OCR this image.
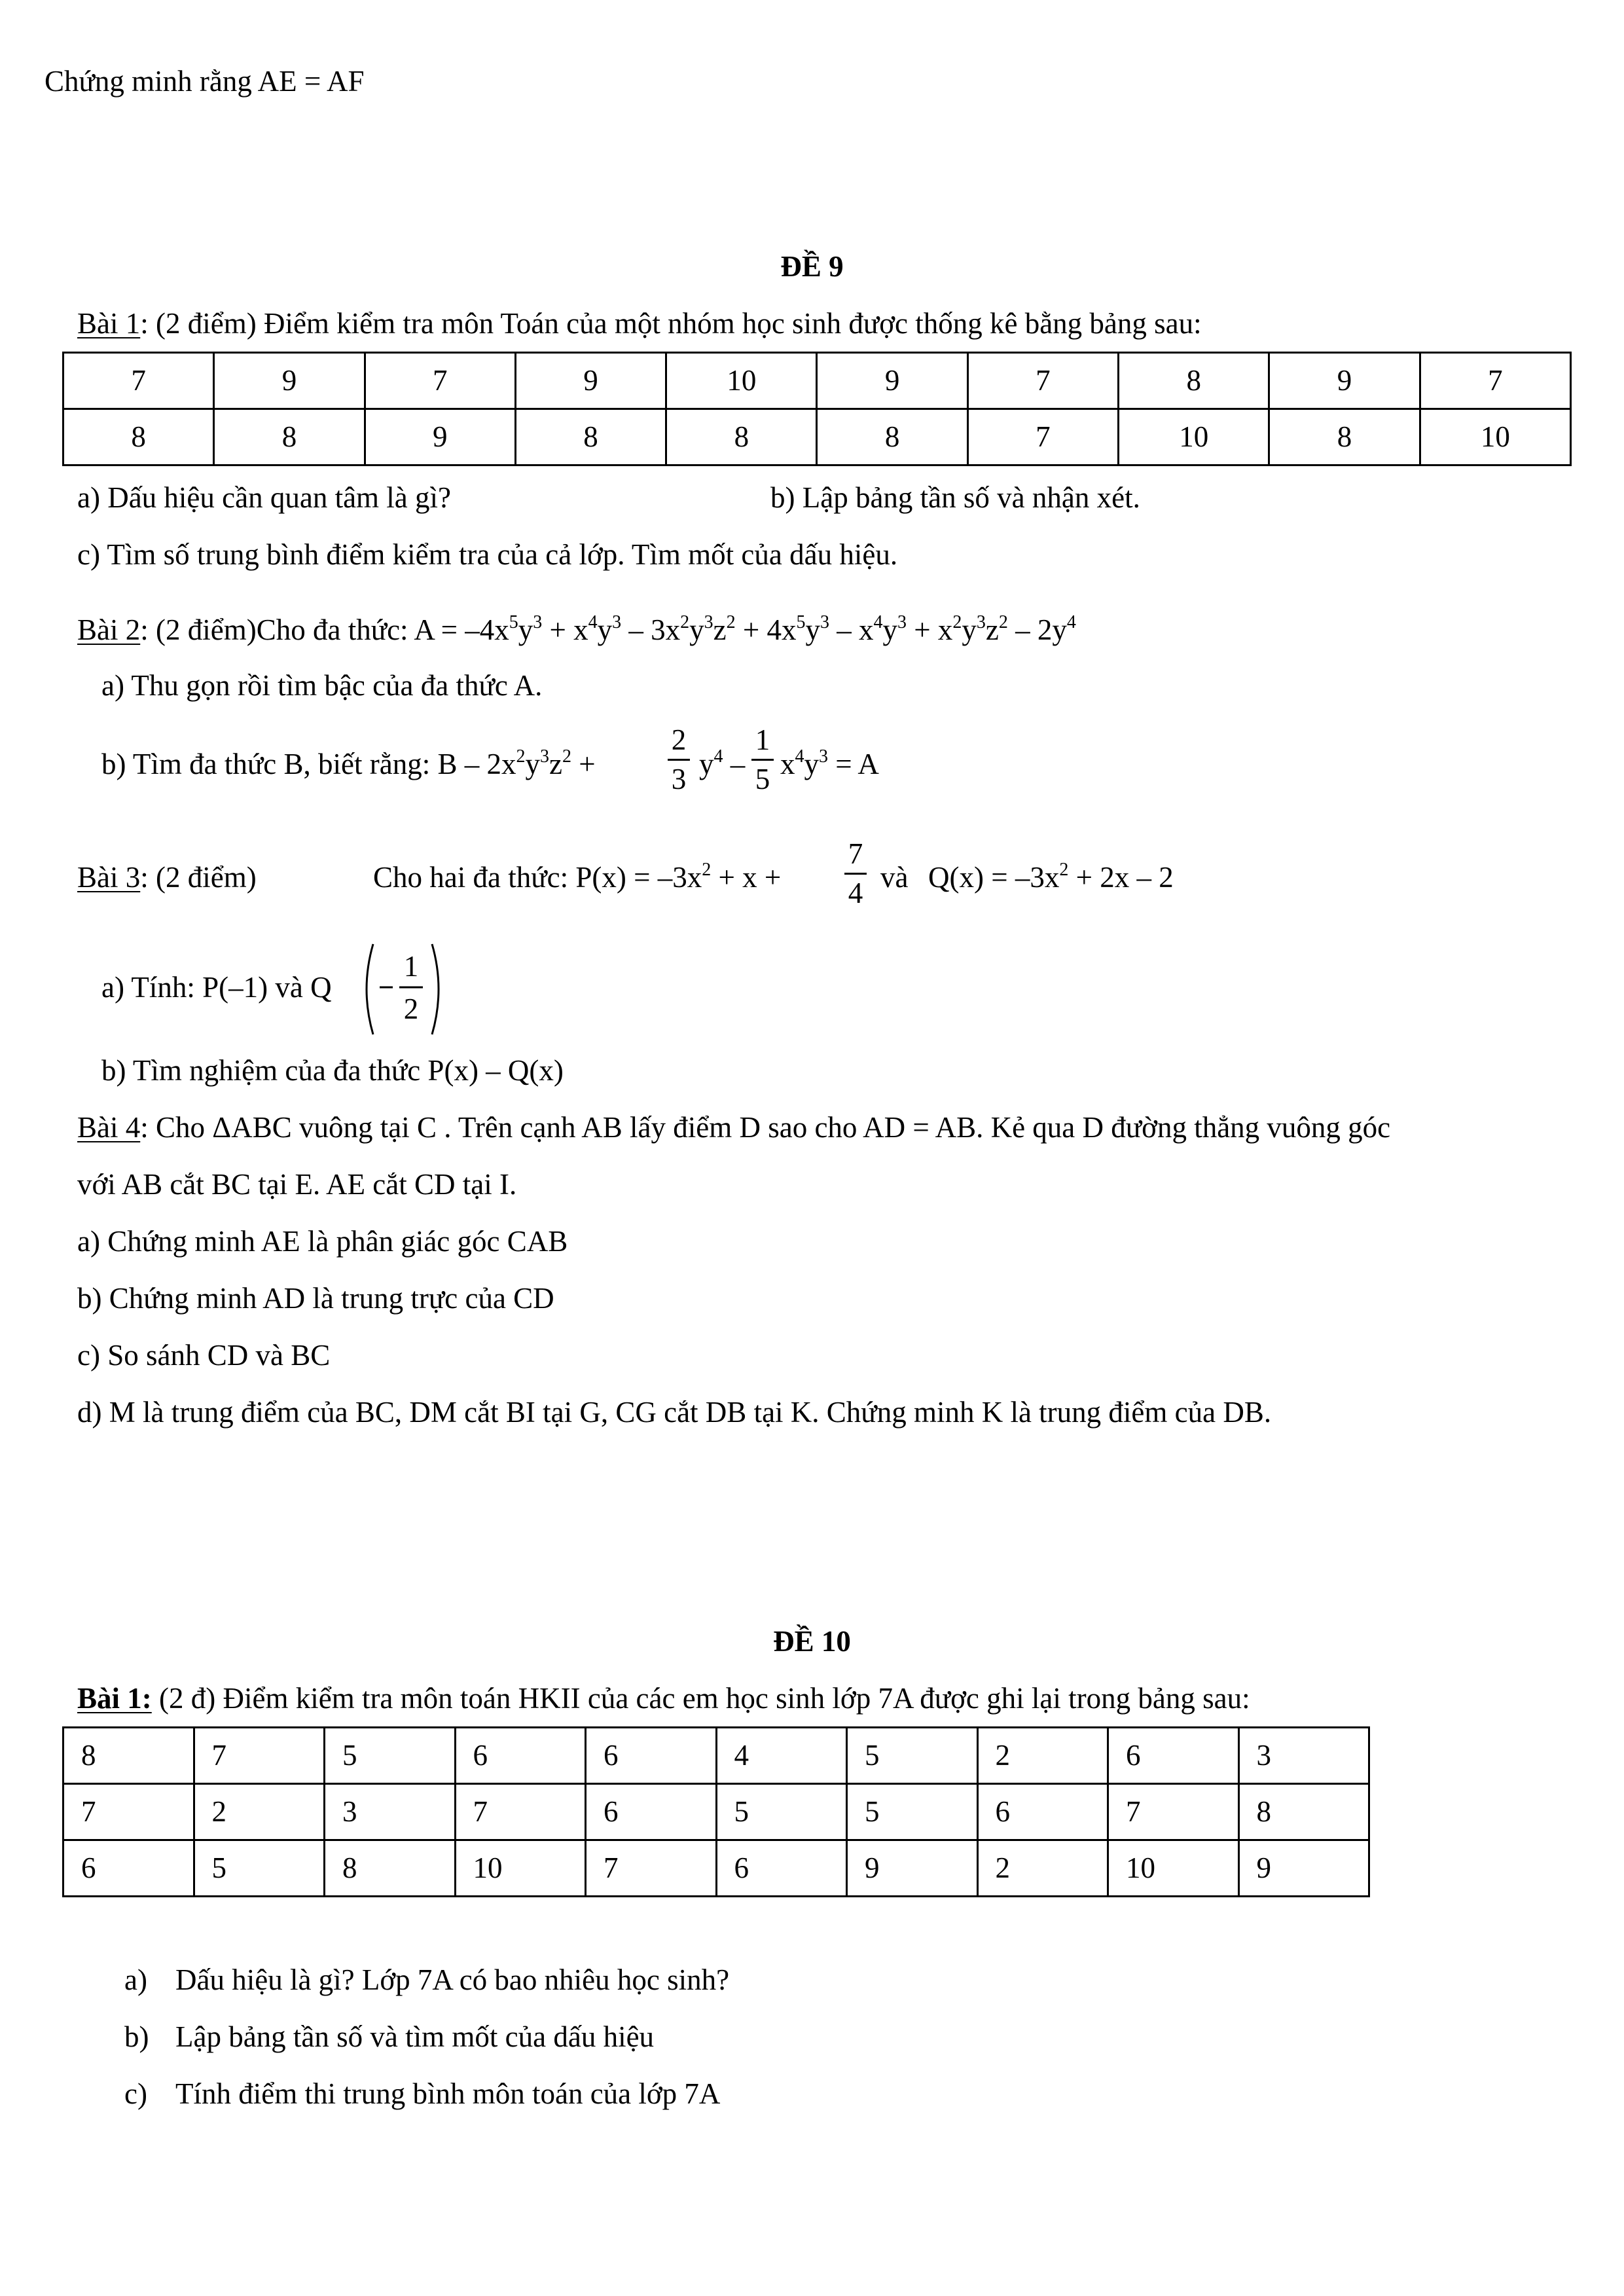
Chứng minh rằng AE = AF
ĐỀ 9
Bài 1: (2 điểm) Điểm kiểm tra môn Toán của một nhóm học sinh được thống kê bằng bảng sau:
7	9	7	9	10	9	7	8	9	7
8	8	9	8	8	8	7	10	8	10
a) Dấu hiệu cần quan tâm là gì?	b) Lập bảng tần số và nhận xét.
c) Tìm số trung bình điểm kiểm tra của cả lớp. Tìm mốt của dấu hiệu.
Bài 2: (2 điểm)Cho đa thức: $A = -4x^5y^3 + x^4y^3 - 3x^2y^3z^2 + 4x^5y^3 - x^4y^3 + x^2y^3z^2 - 2y^4$
a) Thu gọn rồi tìm bậc của đa thức A.
b) Tìm đa thức B, biết rằng: B – $2x^2y^3z^2$ +
2
3 $y^4$ –
1
5 $x^4y^3 = A$
Bài 3: (2 điểm)	Cho hai đa thức: $P(x) = -3x^2 + x$ +
7
4 và $Q(x) = -3x^2 + 2x - 2$
a) Tính: P(–1) và Q
1
2
b) Tìm nghiệm của đa thức P(x) – Q(x)
Bài 4: Cho ΔABC vuông tại C . Trên cạnh AB lấy điểm D sao cho AD = AB. Kẻ qua D đường thẳng vuông góc
với AB cắt BC tại E. AE cắt CD tại I.
a) Chứng minh AE là phân giác góc CAB
b) Chứng minh AD là trung trực của CD
c) So sánh CD và BC
d) M là trung điểm của BC, DM cắt BI tại G, CG cắt DB tại K. Chứng minh K là trung điểm của DB.
ĐỀ 10
Bài 1: (2 đ) Điểm kiểm tra môn toán HKII của các em học sinh lớp 7A được ghi lại trong bảng sau:
8	7	5	6	6	4	5	2	6	3
7	2	3	7	6	5	5	6	7	8
6	5	8	10	7	6	9	2	10	9
a) Dấu hiệu là gì? Lớp 7A có bao nhiêu học sinh?
b) Lập bảng tần số và tìm mốt của dấu hiệu
c) Tính điểm thi trung bình môn toán của lớp 7A
